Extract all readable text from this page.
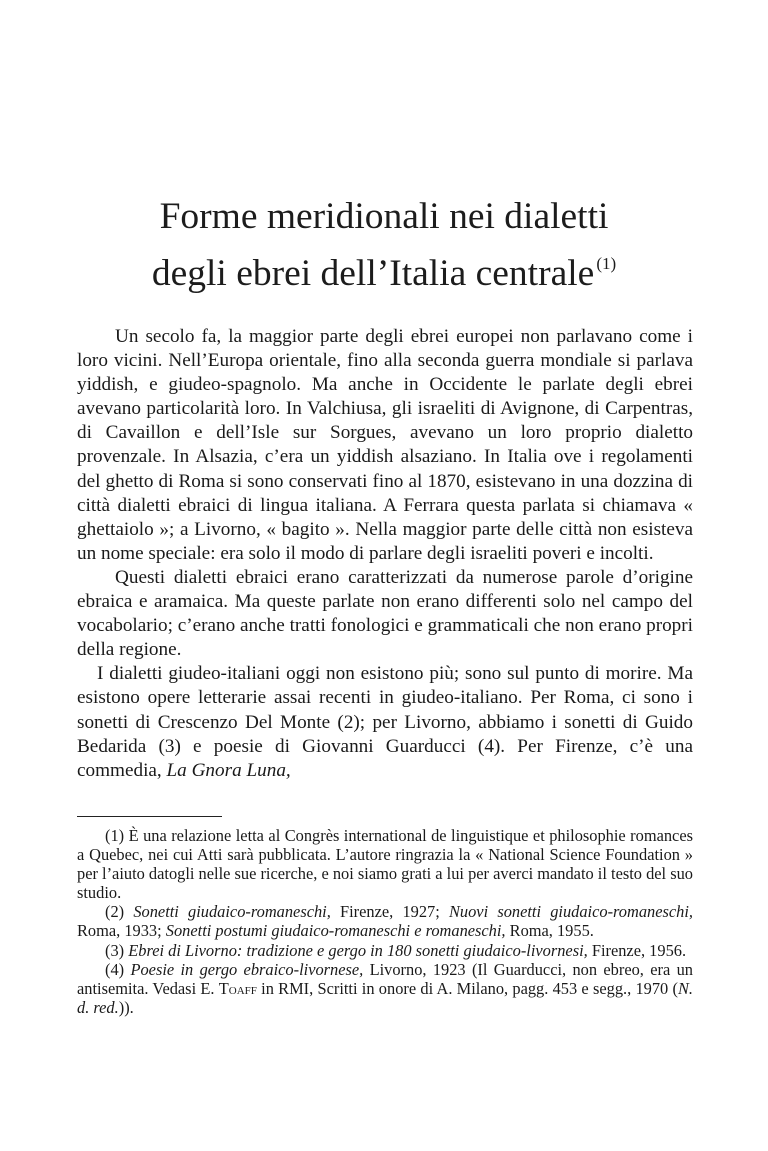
Forme meridionali nei dialetti
degli ebrei dell’Italia centrale $^{(1)}$

Un secolo fa, la maggior parte degli ebrei europei non parlavano come i loro vicini. Nell’Europa orientale, fino alla seconda guerra mondiale si parlava yiddish, e giudeo-spagnolo. Ma anche in Occidente le parlate degli ebrei avevano particolarità loro. In Valchiusa, gli israeliti di Avignone, di Carpentras, di Cavaillon e dell’Isle sur Sorgues, avevano un loro proprio dialetto provenzale. In Alsazia, c’era un yiddish alsaziano. In Italia ove i regolamenti del ghetto di Roma si sono conservati fino al 1870, esistevano in una dozzina di città dialetti ebraici di lingua italiana. A Ferrara questa parlata si chiamava « ghettaiolo »; a Livorno, « bagito ». Nella maggior parte delle città non esisteva un nome speciale: era solo il modo di parlare degli israeliti poveri e incolti.

Questi dialetti ebraici erano caratterizzati da numerose parole d’origine ebraica e aramaica. Ma queste parlate non erano differenti solo nel campo del vocabolario; c’erano anche tratti fonologici e grammaticali che non erano propri della regione.

I dialetti giudeo-italiani oggi non esistono più; sono sul punto di morire. Ma esistono opere letterarie assai recenti in giudeo-italiano. Per Roma, ci sono i sonetti di Crescenzo Del Monte (2); per Livorno, abbiamo i sonetti di Guido Bedarida (3) e poesie di Giovanni Guarducci (4). Per Firenze, c’è una commedia, La Gnora Luna,

(1) È una relazione letta al Congrès international de linguistique et philosophie romances a Quebec, nei cui Atti sarà pubblicata. L’autore ringrazia la « National Science Foundation » per l’aiuto datogli nelle sue ricerche, e noi siamo grati a lui per averci mandato il testo del suo studio.

(2) Sonetti giudaico-romaneschi, Firenze, 1927; Nuovi sonetti giudaico-romaneschi, Roma, 1933; Sonetti postumi giudaico-romaneschi e romaneschi, Roma, 1955.

(3) Ebrei di Livorno: tradizione e gergo in 180 sonetti giudaico-livornesi, Firenze, 1956.

(4) Poesie in gergo ebraico-livornese, Livorno, 1923 (Il Guarducci, non ebreo, era un antisemita. Vedasi E. Toaff in RMI, Scritti in onore di A. Milano, pagg. 453 e segg., 1970 (N. d. red.)).
